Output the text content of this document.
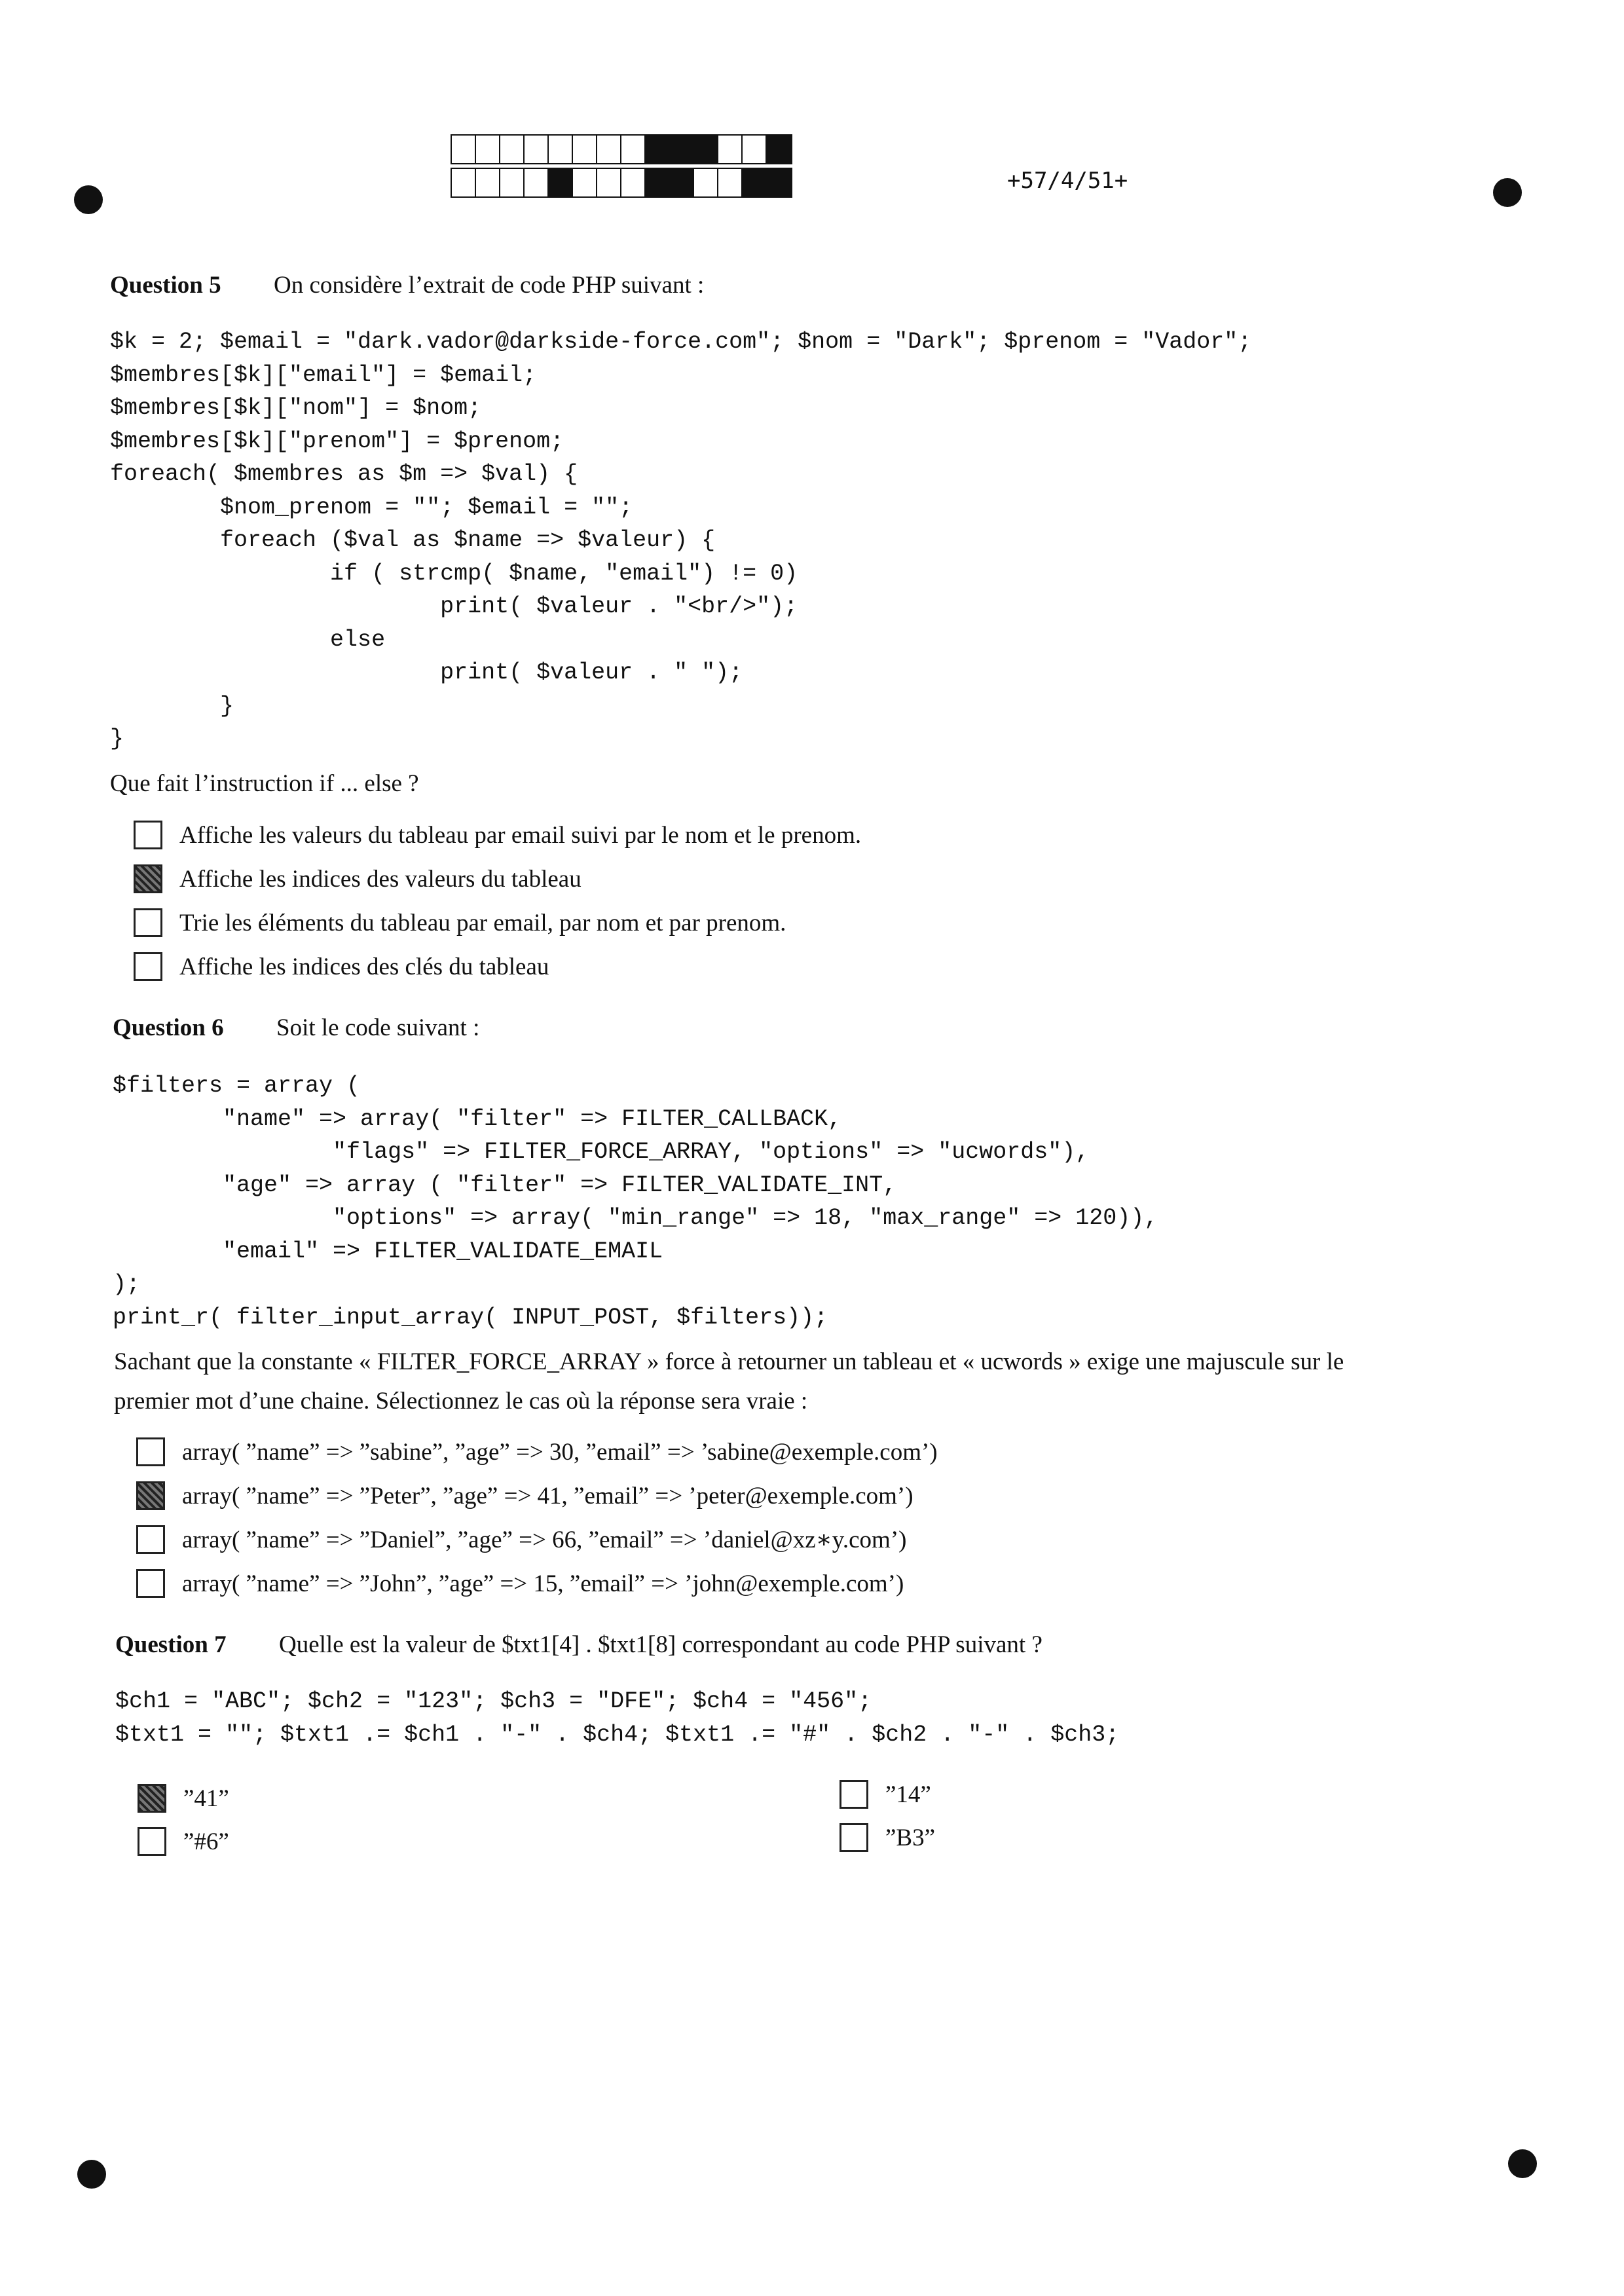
+57/4/51+
Question 5 On considère l’extrait de code PHP suivant :
$k = 2; $email = "dark.vador@darkside-force.com"; $nom = "Dark"; $prenom = "Vador";
$membres[$k]["email"] = $email;
$membres[$k]["nom"] = $nom;
$membres[$k]["prenom"] = $prenom;
foreach( $membres as $m => $val) {
$nom_prenom = ""; $email = "";
foreach ($val as $name => $valeur) {
if ( strcmp( $name, "email") != 0)
print( $valeur . "<br/>");
else
print( $valeur . " ");
}
}
Que fait l’instruction if ... else ?
Affiche les valeurs du tableau par email suivi par le nom et le prenom.
Affiche les indices des valeurs du tableau
Trie les éléments du tableau par email, par nom et par prenom.
Affiche les indices des clés du tableau
Question 6 Soit le code suivant :
$filters = array (
"name" => array( "filter" => FILTER_CALLBACK,
"flags" => FILTER_FORCE_ARRAY, "options" => "ucwords"),
"age" => array ( "filter" => FILTER_VALIDATE_INT,
"options" => array( "min_range" => 18, "max_range" => 120)),
"email" => FILTER_VALIDATE_EMAIL
);
print_r( filter_input_array( INPUT_POST, $filters));
Sachant que la constante « FILTER_FORCE_ARRAY » force à retourner un tableau et « ucwords » exige une majuscule sur le
premier mot d’une chaine. Sélectionnez le cas où la réponse sera vraie :
array( ”name” => ”sabine”, ”age” => 30, ”email” => ’sabine@exemple.com’)
array( ”name” => ”Peter”, ”age” => 41, ”email” => ’peter@exemple.com’)
array( ”name” => ”Daniel”, ”age” => 66, ”email” => ’daniel@xz∗y.com’)
array( ”name” => ”John”, ”age” => 15, ”email” => ’john@exemple.com’)
Question 7 Quelle est la valeur de $txt1[4] . $txt1[8] correspondant au code PHP suivant ?
$ch1 = "ABC"; $ch2 = "123"; $ch3 = "DFE"; $ch4 = "456";
$txt1 = ""; $txt1 .= $ch1 . "-" . $ch4; $txt1 .= "#" . $ch2 . "-" . $ch3;
”41”	”14”
”#6”	”B3”
